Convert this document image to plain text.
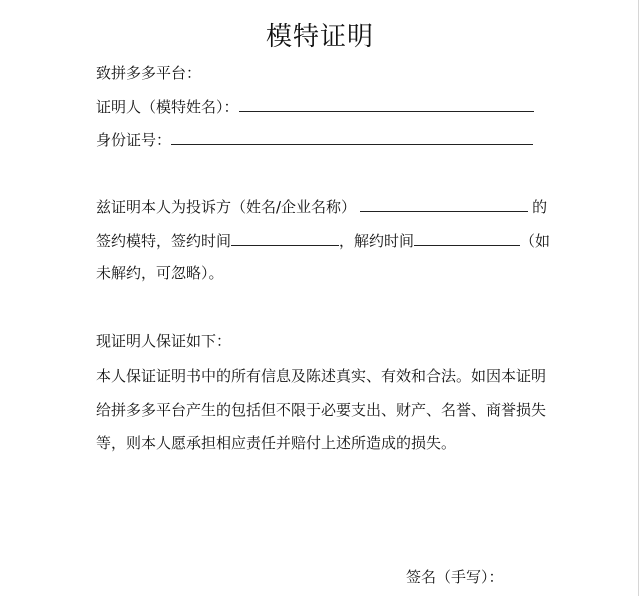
模特证明
致拼多多平台：
证明人（模特姓名）：
身份证号：
兹证明本人为投诉方（姓名/企业名称）	的
签约模特，签约时间	，解约时间	（如
未解约，可忽略）。
现证明人保证如下：
本人保证证明书中的所有信息及陈述真实、有效和合法。如因本证明
给拼多多平台产生的包括但不限于必要支出、财产、名誉、商誉损失
等，则本人愿承担相应责任并赔付上述所造成的损失。
签名（手写）：
